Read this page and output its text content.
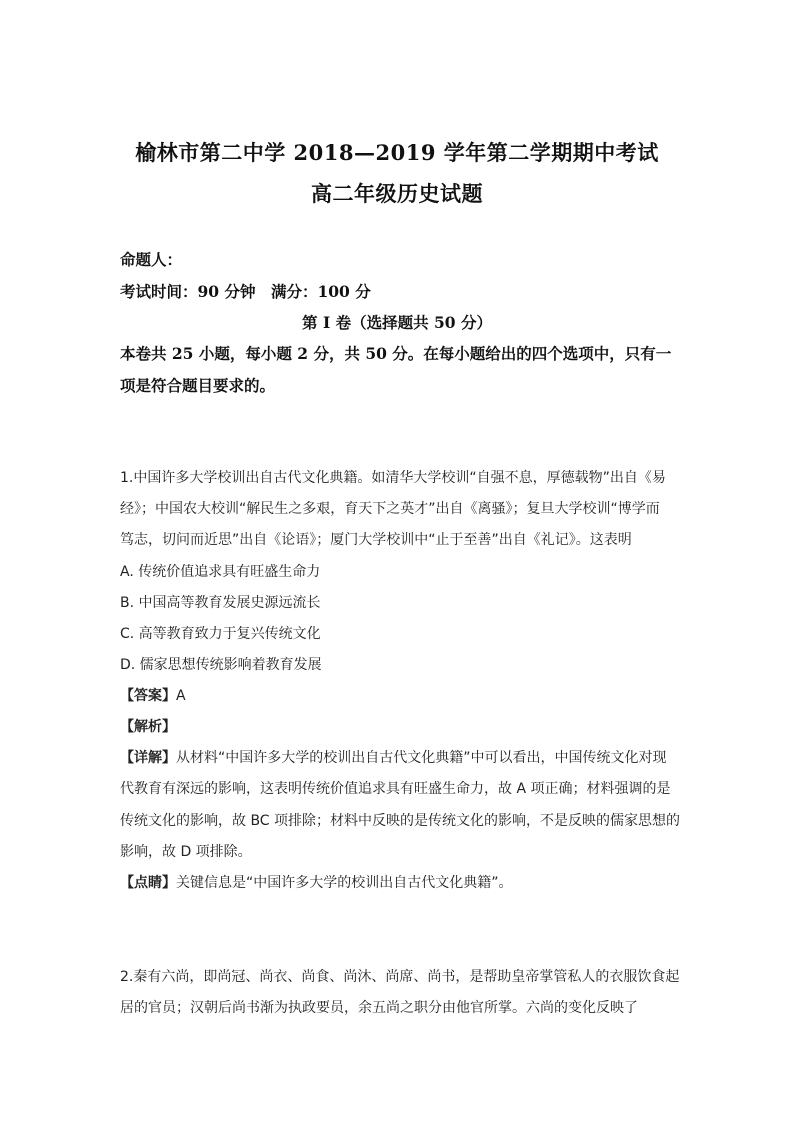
榆林市第二中学 2018—2019 学年第二学期期中考试
高二年级历史试题
命题人：
考试时间：90 分钟　满分：100 分
第 I 卷（选择题共 50 分）
本卷共 25 小题，每小题 2 分，共 50 分。在每小题给出的四个选项中，只有一
项是符合题目要求的。
1.中国许多大学校训出自古代文化典籍。如清华大学校训“自强不息，厚德载物”出自《易
经》；中国农大校训“解民生之多艰，育天下之英才”出自《离骚》；复旦大学校训“博学而
笃志，切问而近思”出自《论语》；厦门大学校训中“止于至善”出自《礼记》。这表明
A. 传统价值追求具有旺盛生命力
B. 中国高等教育发展史源远流长
C. 高等教育致力于复兴传统文化
D. 儒家思想传统影响着教育发展
【答案】A
【解析】
【详解】从材料“中国许多大学的校训出自古代文化典籍”中可以看出，中国传统文化对现
代教育有深远的影响，这表明传统价值追求具有旺盛生命力，故 A 项正确；材料强调的是
传统文化的影响，故 BC 项排除；材料中反映的是传统文化的影响，不是反映的儒家思想的
影响，故 D 项排除。
【点睛】关键信息是“中国许多大学的校训出自古代文化典籍”。
2.秦有六尚，即尚冠、尚衣、尚食、尚沐、尚席、尚书，是帮助皇帝掌管私人的衣服饮食起
居的官员；汉朝后尚书渐为执政要员，余五尚之职分由他官所掌。六尚的变化反映了
